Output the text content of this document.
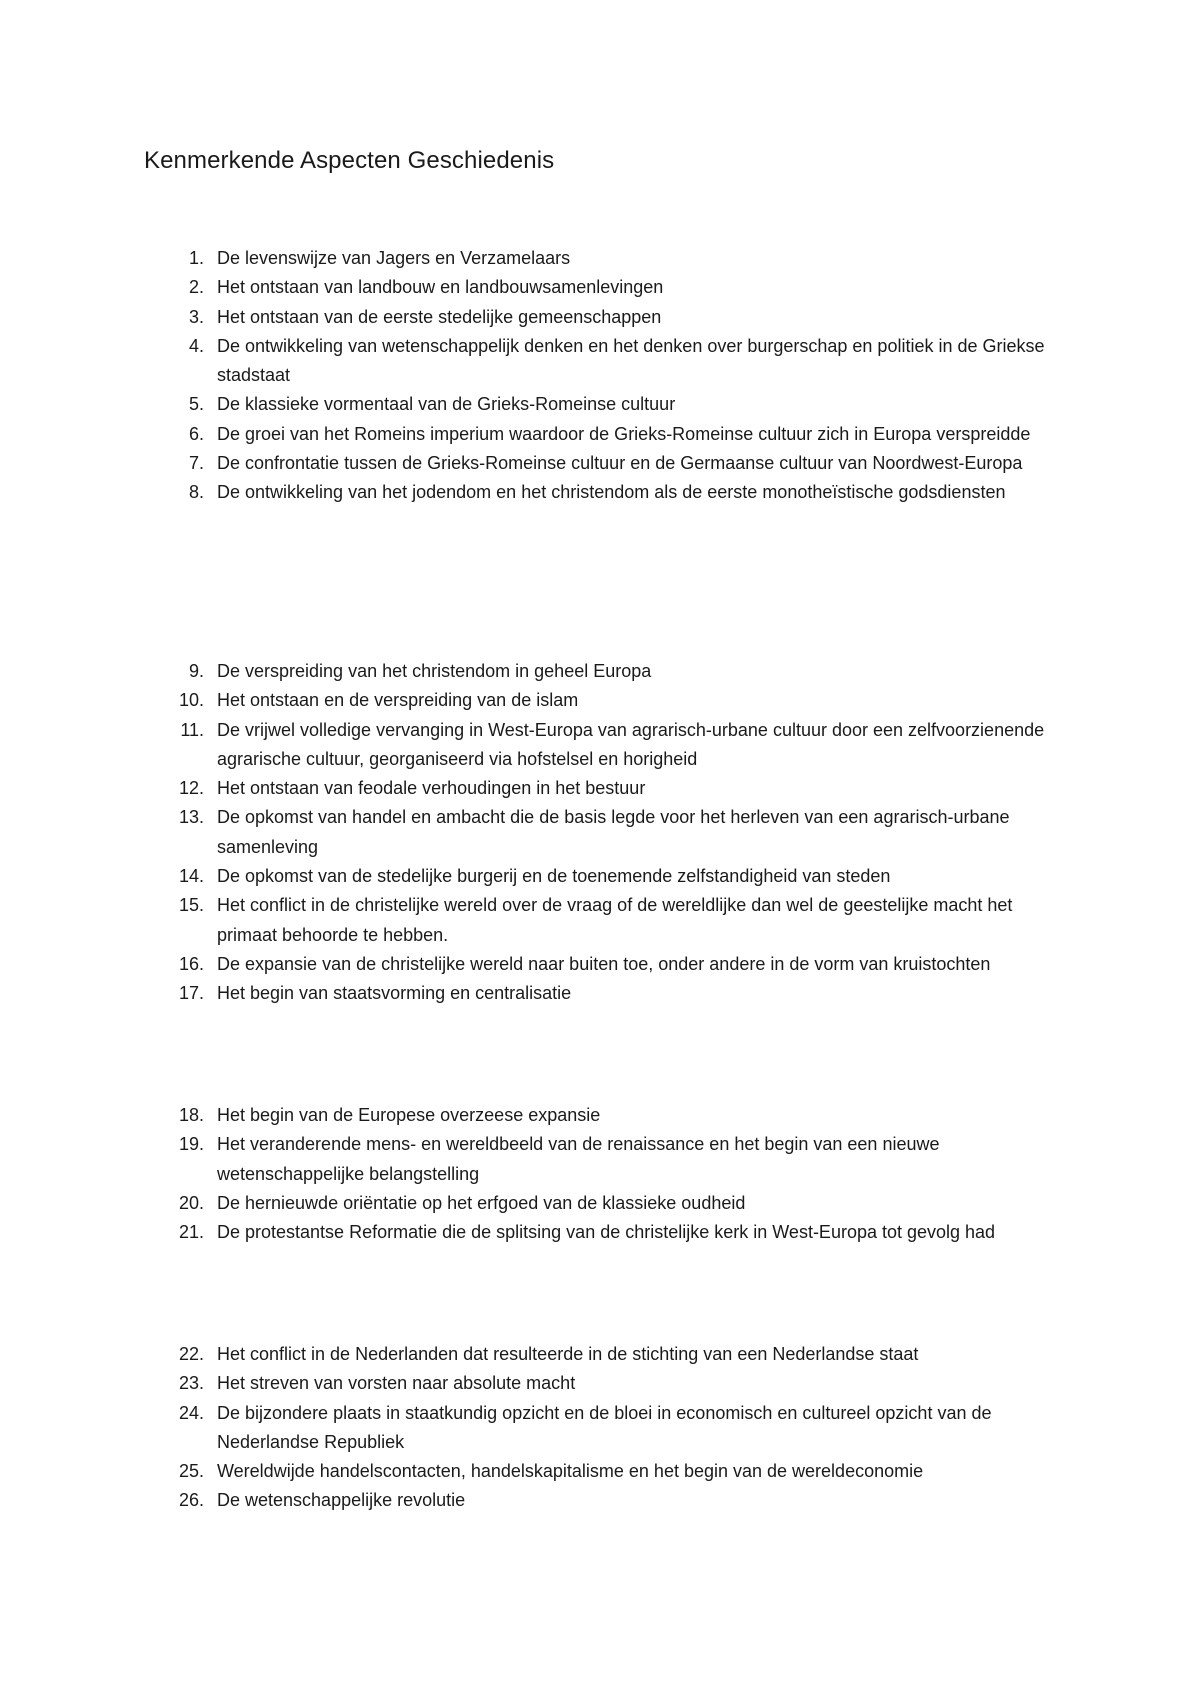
Kenmerkende Aspecten Geschiedenis
1. De levenswijze van Jagers en Verzamelaars
2. Het ontstaan van landbouw en landbouwsamenlevingen
3. Het ontstaan van de eerste stedelijke gemeenschappen
4. De ontwikkeling van wetenschappelijk denken en het denken over burgerschap en politiek in de Griekse stadstaat
5. De klassieke vormentaal van de Grieks-Romeinse cultuur
6. De groei van het Romeins imperium waardoor de Grieks-Romeinse cultuur zich in Europa verspreidde
7. De confrontatie tussen de Grieks-Romeinse cultuur en de Germaanse cultuur van Noordwest-Europa
8. De ontwikkeling van het jodendom en het christendom als de eerste monotheïstische godsdiensten
9. De verspreiding van het christendom in geheel Europa
10. Het ontstaan en de verspreiding van de islam
11. De vrijwel volledige vervanging in West-Europa van agrarisch-urbane cultuur door een zelfvoorzienende agrarische cultuur, georganiseerd via hofstelsel en horigheid
12. Het ontstaan van feodale verhoudingen in het bestuur
13. De opkomst van handel en ambacht die de basis legde voor het herleven van een agrarisch-urbane samenleving
14. De opkomst van de stedelijke burgerij en de toenemende zelfstandigheid van steden
15. Het conflict in de christelijke wereld over de vraag of de wereldlijke dan wel de geestelijke macht het primaat behoorde te hebben.
16. De expansie van de christelijke wereld naar buiten toe, onder andere in de vorm van kruistochten
17. Het begin van staatsvorming en centralisatie
18. Het begin van de Europese overzeese expansie
19. Het veranderende mens- en wereldbeeld van de renaissance en het begin van een nieuwe wetenschappelijke belangstelling
20. De hernieuwde oriëntatie op het erfgoed van de klassieke oudheid
21. De protestantse Reformatie die de splitsing van de christelijke kerk in West-Europa tot gevolg had
22. Het conflict in de Nederlanden dat resulteerde in de stichting van een Nederlandse staat
23. Het streven van vorsten naar absolute macht
24. De bijzondere plaats in staatkundig opzicht en de bloei in economisch en cultureel opzicht van de Nederlandse Republiek
25. Wereldwijde handelscontacten, handelskapitalisme en het begin van de wereldeconomie
26. De wetenschappelijke revolutie
